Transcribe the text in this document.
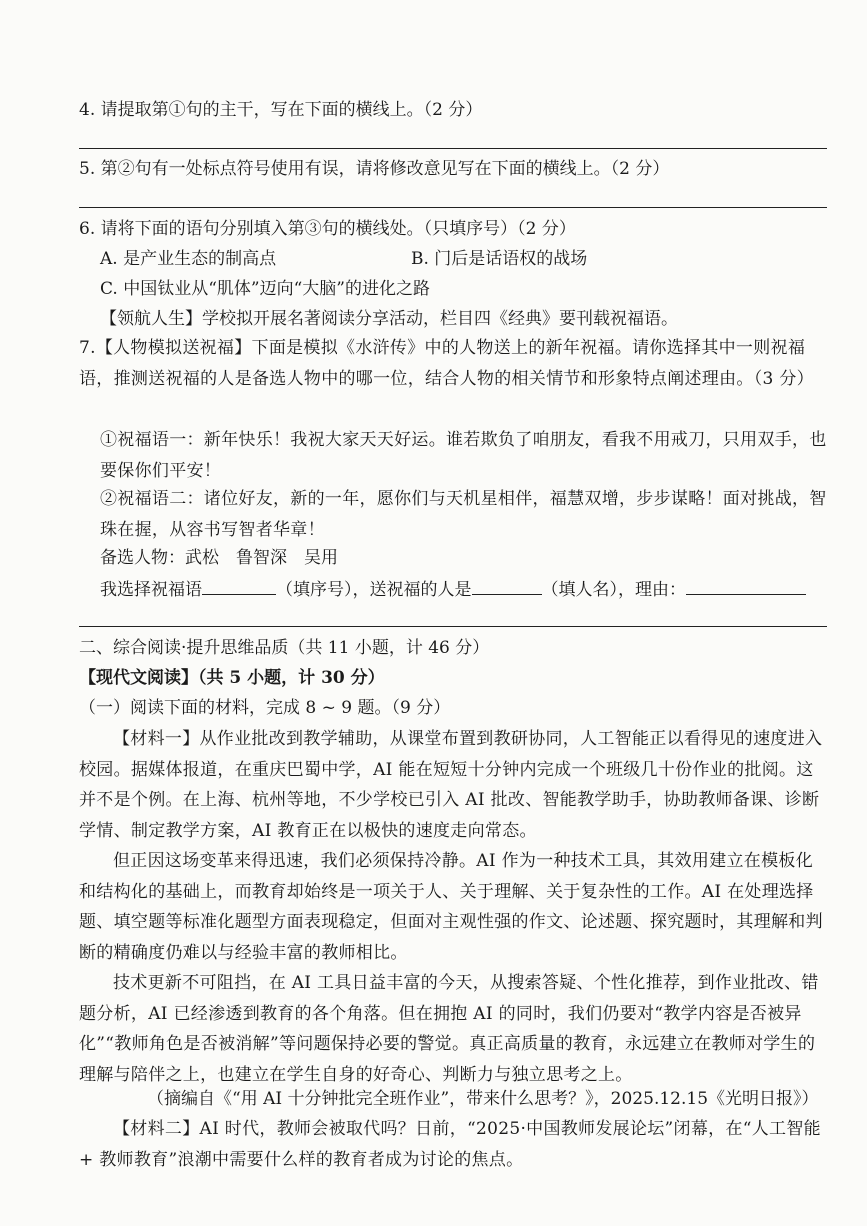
4. 请提取第①句的主干，写在下面的横线上。（2 分）
5. 第②句有一处标点符号使用有误，请将修改意见写在下面的横线上。（2 分）
6. 请将下面的语句分别填入第③句的横线处。（只填序号）（2 分）
A. 是产业生态的制高点	B. 门后是话语权的战场
C. 中国钛业从“肌体”迈向“大脑”的进化之路
【领航人生】学校拟开展名著阅读分享活动，栏目四《经典》要刊载祝福语。

7.【人物模拟送祝福】下面是模拟《水浒传》中的人物送上的新年祝福。请你选择其中一则祝福语，推测送祝福的人是备选人物中的哪一位，结合人物的相关情节和形象特点阐述理由。（3 分）

①祝福语一：新年快乐！我祝大家天天好运。谁若欺负了咱朋友，看我不用戒刀，只用双手，也要保你们平安！

②祝福语二：诸位好友，新的一年，愿你们与天机星相伴，福慧双增，步步谋略！面对挑战，智珠在握，从容书写智者华章！

备选人物：武松　鲁智深　吴用
我选择祝福语	（填序号），送祝福的人是	（填人名），理由：
二、综合阅读·提升思维品质（共 11 小题，计 46 分）
【现代文阅读】（共 5 小题，计 30 分）
（一）阅读下面的材料，完成 8 ~ 9 题。（9 分）

【材料一】从作业批改到教学辅助，从课堂布置到教研协同，人工智能正以看得见的速度进入校园。据媒体报道，在重庆巴蜀中学，AI 能在短短十分钟内完成一个班级几十份作业的批阅。这并不是个例。在上海、杭州等地，不少学校已引入 AI 批改、智能教学助手，协助教师备课、诊断学情、制定教学方案，AI 教育正在以极快的速度走向常态。

但正因这场变革来得迅速，我们必须保持冷静。AI 作为一种技术工具，其效用建立在模板化和结构化的基础上，而教育却始终是一项关于人、关于理解、关于复杂性的工作。AI 在处理选择题、填空题等标准化题型方面表现稳定，但面对主观性强的作文、论述题、探究题时，其理解和判断的精确度仍难以与经验丰富的教师相比。

技术更新不可阻挡，在 AI 工具日益丰富的今天，从搜索答疑、个性化推荐，到作业批改、错题分析，AI 已经渗透到教育的各个角落。但在拥抱 AI 的同时，我们仍要对“教学内容是否被异化”“教师角色是否被消解”等问题保持必要的警觉。真正高质量的教育，永远建立在教师对学生的理解与陪伴之上，也建立在学生自身的好奇心、判断力与独立思考之上。

（摘编自《“用 AI 十分钟批完全班作业”，带来什么思考？》，2025.12.15《光明日报》）

【材料二】AI 时代，教师会被取代吗？日前，“2025·中国教师发展论坛”闭幕，在“人工智能 + 教师教育”浪潮中需要什么样的教育者成为讨论的焦点。
